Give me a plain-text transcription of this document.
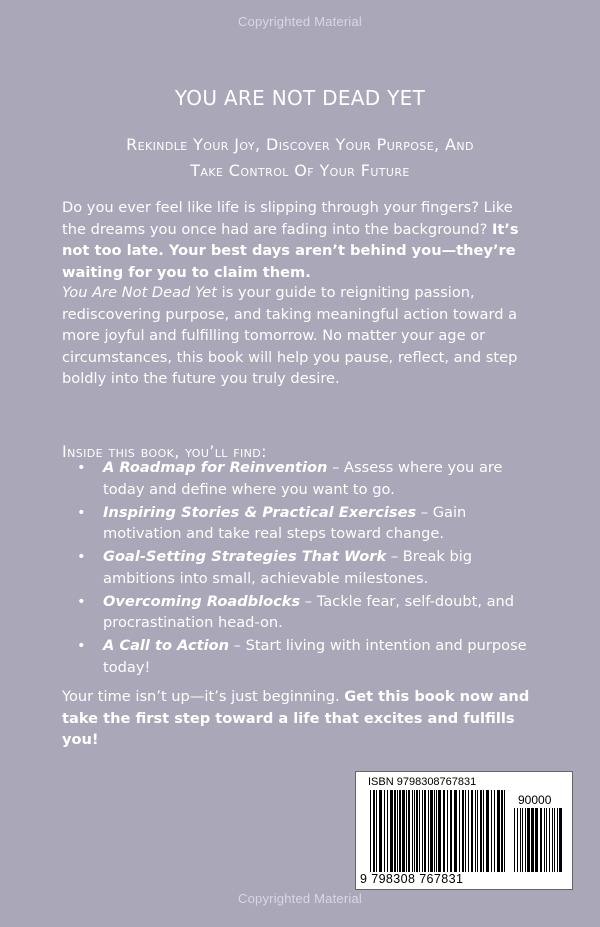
Copyrighted Material
YOU ARE NOT DEAD YET
Rekindle Your Joy, Discover Your Purpose, And
Take Control Of Your Future

Do you ever feel like life is slipping through your fingers? Like the dreams you once had are fading into the background? It’s not too late. Your best days aren’t behind you—they’re waiting for you to claim them.

You Are Not Dead Yet is your guide to reigniting passion, rediscovering purpose, and taking meaningful action toward a more joyful and fulfilling tomorrow. No matter your age or circumstances, this book will help you pause, reflect, and step boldly into the future you truly desire.

Inside this book, you’ll find:
• A Roadmap for Reinvention – Assess where you are today and define where you want to go.
• Inspiring Stories & Practical Exercises – Gain motivation and take real steps toward change.
• Goal-Setting Strategies That Work – Break big ambitions into small, achievable milestones.
• Overcoming Roadblocks – Tackle fear, self-doubt, and procrastination head-on.
• A Call to Action – Start living with intention and purpose today!

Your time isn’t up—it’s just beginning. Get this book now and take the first step toward a life that excites and fulfills you!

ISBN 9798308767831
90000
9 798308 767831
Copyrighted Material
